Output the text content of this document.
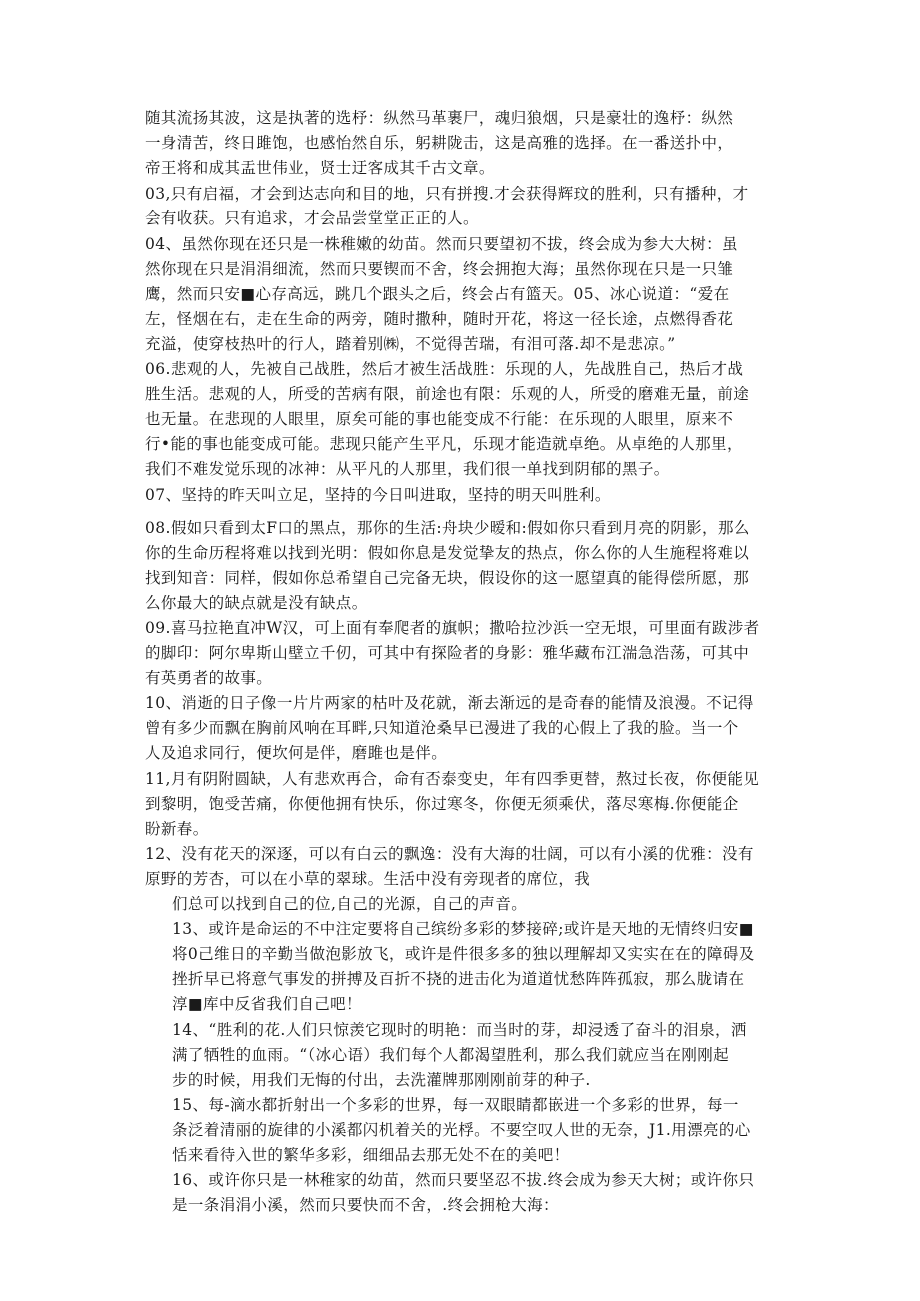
随其流扬其波，这是执著的选杼：纵然马革裹尸，魂归狼烟，只是豪壮的逸杼：纵然
一身清苦，终日雎饱，也感怡然自乐，躬耕陇击，这是高雅的选择。在一番送扑中，
帝王将和成其盂世伟业，贤士迂客成其千古文章。
03,只有启福，才会到达志向和目的地，只有拼搜.才会获得辉玟的胜利，只有播种，才
会有收获。只有追求，才会品尝堂堂正正的人。
04、虽然你现在还只是一株稚嫩的幼苗。然而只要望初不拔，终会成为参大大树：虽
然你现在只是涓涓细流，然而只要锲而不舍，终会拥抱大海；虽然你现在只是一只雏
鹰，然而只安■心存高远，跳几个跟头之后，终会占有篮天。05、冰心说道：“爱在
左，怪烟在右，走在生命的两旁，随时撒种，随时开花，将这一径长途，点燃得香花
充溢，使穿枝热叶的行人，踏着别㈱，不觉得苦瑞，有泪可落.却不是悲凉。”
06.悲观的人，先被自己战胜，然后才被生活战胜：乐现的人，先战胜自己，热后才战
胜生活。悲观的人，所受的苦病有限，前途也有限：乐观的人，所受的磨难无量，前途
也无量。在悲现的人眼里，原矣可能的事也能变成不行能：在乐现的人眼里，原来不
行•能的事也能变成可能。悲现只能产生平凡，乐现才能造就卓绝。从卓绝的人那里，
我们不难发觉乐现的冰神：从平凡的人那里，我们很一单找到阴郁的黑子。
07、坚持的昨天叫立足，坚持的今日叫进取，坚持的明天叫胜利。
08.假如只看到太F口的黑点，那你的生活:舟块少暧和:假如你只看到月亮的阴影，那么
你的生命历程将难以找到光明：假如你息是发觉挚友的热点，你么你的人生施程将难以
找到知音：同样，假如你总希望自己完备无块，假设你的这一愿望真的能得偿所愿，那
么你最大的缺点就是没有缺点。
09.喜马拉艳直冲W汉，可上面有奉爬者的旗帜；撒哈拉沙浜一空无垠，可里面有跋涉者
的脚印：阿尔卑斯山壁立千仞，可其中有探险者的身影：雅华藏布江湍急浩荡，可其中
有英勇者的故事。
10、消逝的日子像一片片两家的枯叶及花就，渐去渐远的是奇春的能情及浪漫。不记得
曾有多少而飘在胸前风响在耳畔,只知道沧桑早已漫进了我的心假上了我的脸。当一个
人及追求同行，便坎何是伴，磨雎也是伴。
11,月有阴附圆缺，人有悲欢再合，命有否泰变史，年有四季更替，熬过长夜，你便能见
到黎明，饱受苦痛，你便他拥有快乐，你过寒冬，你便无须乘伏，落尽寒梅.你便能企
盼新春。
12、没有花天的深逐，可以有白云的飘逸：没有大海的壮阔，可以有小溪的优雅：没有
原野的芳杏，可以在小草的翠球。生活中没有旁现者的席位，我
们总可以找到自己的位,自己的光源，自己的声音。
13、或许是命运的不中注定要将自己缤纷多彩的梦接碎;或许是天地的无情终归安■
将0己维日的辛勤当做泡影放飞，或许是件很多多的独以理解却又实实在在的障碍及
挫折早已将意气事发的拼搏及百折不挠的进击化为道道忧愁阵阵孤寂，那么胧请在
淳■库中反省我们自己吧！
14、“胜利的花.人们只惊羡它现时的明艳：而当时的芽，却浸透了奋斗的泪泉，洒
满了牺牲的血雨。“（冰心语）我们每个人都渴望胜利，那么我们就应当在刚刚起
步的时候，用我们无悔的付出，去洗灌牌那刚刚前芽的种子.
15、每-滴水都折射出一个多彩的世界，每一双眼睛都嵌进一个多彩的世界，每一
条泛着清丽的旋律的小溪都闪机着关的光桴。不要空叹人世的无奈，J1.用漂亮的心
恬来看待入世的繁华多彩，细细品去那无处不在的美吧！
16、或许你只是一林稚家的幼苗，然而只要坚忍不拔.终会成为参天大树；或许你只
是一条涓涓小溪，然而只要快而不舍，.终会拥枪大海：
